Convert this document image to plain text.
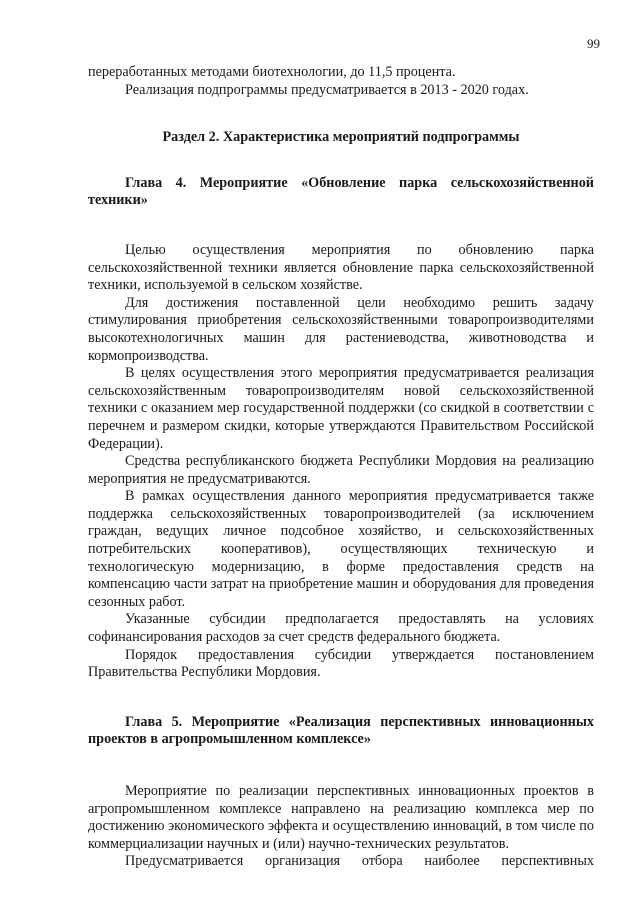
99

переработанных методами биотехнологии, до 11,5 процента.

Реализация подпрограммы предусматривается в 2013 - 2020 годах.

Раздел 2. Характеристика мероприятий подпрограммы
Глава 4. Мероприятие «Обновление парка сельскохозяйственной техники»

Целью осуществления мероприятия по обновлению парка сельскохозяйственной техники является обновление парка сельскохозяйственной техники, используемой в сельском хозяйстве.

Для достижения поставленной цели необходимо решить задачу стимулирования приобретения сельскохозяйственными товаропроизводителями высокотехнологичных машин для растениеводства, животноводства и кормопроизводства.

В целях осуществления этого мероприятия предусматривается реализация сельскохозяйственным товаропроизводителям новой сельскохозяйственной техники с оказанием мер государственной поддержки (со скидкой в соответствии с перечнем и размером скидки, которые утверждаются Правительством Российской Федерации).

Средства республиканского бюджета Республики Мордовия на реализацию мероприятия не предусматриваются.

В рамках осуществления данного мероприятия предусматривается также поддержка сельскохозяйственных товаропроизводителей (за исключением граждан, ведущих личное подсобное хозяйство, и сельскохозяйственных потребительских кооперативов), осуществляющих техническую и технологическую модернизацию, в форме предоставления средств на компенсацию части затрат на приобретение машин и оборудования для проведения сезонных работ.

Указанные субсидии предполагается предоставлять на условиях софинансирования расходов за счет средств федерального бюджета.

Порядок предоставления субсидии утверждается постановлением Правительства Республики Мордовия.

Глава 5. Мероприятие «Реализация перспективных инновационных проектов в агропромышленном комплексе»

Мероприятие по реализации перспективных инновационных проектов в агропромышленном комплексе направлено на реализацию комплекса мер по достижению экономического эффекта и осуществлению инноваций, в том числе по коммерциализации научных и (или) научно-технических результатов.

Предусматривается организация отбора наиболее перспективных
